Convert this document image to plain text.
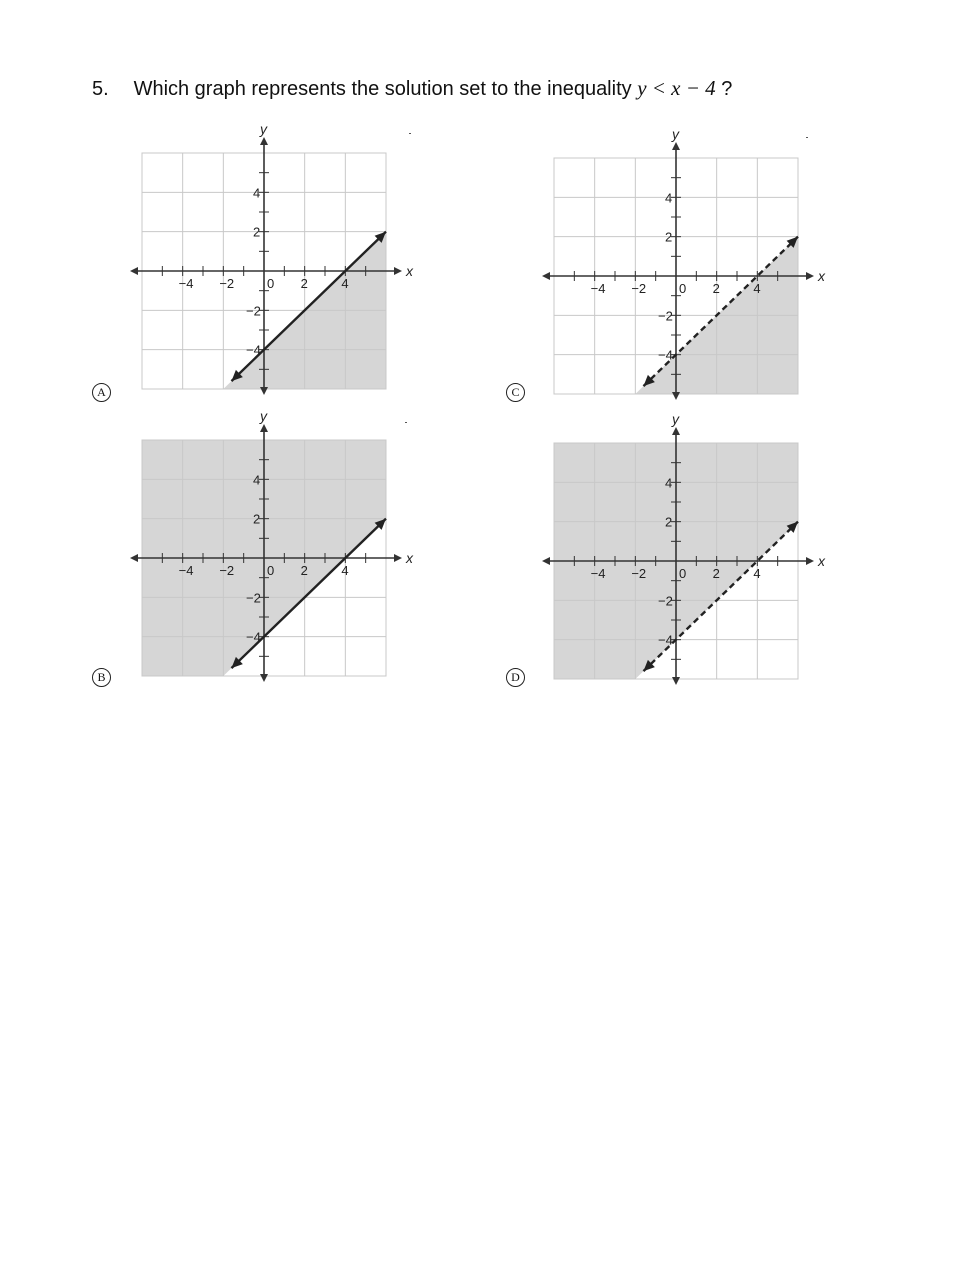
5. Which graph represents the solution set to the inequality y < x − 4 ?
−4 −2	0 2	4
4
2
−2
−4
x
y
A
−4 −2	0 2	4
4
2
−2
−4
x
y
B
−4 −2	0 2	4
4
2
−2
−4
x
y
C
−4 −2	0 2	4
4
2
−2
−4
x
y
D
